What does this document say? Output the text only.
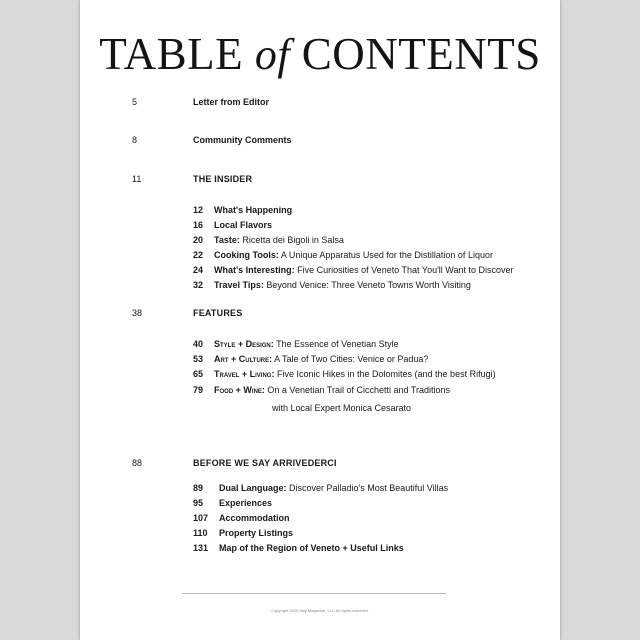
TABLE of CONTENTS
5	Letter from Editor
8	Community Comments
11	THE INSIDER
12 What's Happening
16 Local Flavors
20 Taste: Ricetta dei Bigoli in Salsa
22 Cooking Tools: A Unique Apparatus Used for the Distillation of Liquor
24 What's Interesting: Five Curiosities of Veneto That You'll Want to Discover
32 Travel Tips: Beyond Venice: Three Veneto Towns Worth Visiting
38	FEATURES
40 Style + Design: The Essence of Venetian Style
53 Art + Culture: A Tale of Two Cities: Venice or Padua?
65 Travel + Living: Five Iconic Hikes in the Dolomites (and the best Rifugi)
79 Food + Wine: On a Venetian Trail of Cicchetti and Traditions
with Local Expert Monica Cesarato
88	BEFORE WE SAY ARRIVEDERCI
89 Dual Language: Discover Palladio's Most Beautiful Villas
95 Experiences
107 Accommodation
110 Property Listings
131 Map of the Region of Veneto + Useful Links
Copyright 2020 Italy Magazine, LLC All rights reserved.
